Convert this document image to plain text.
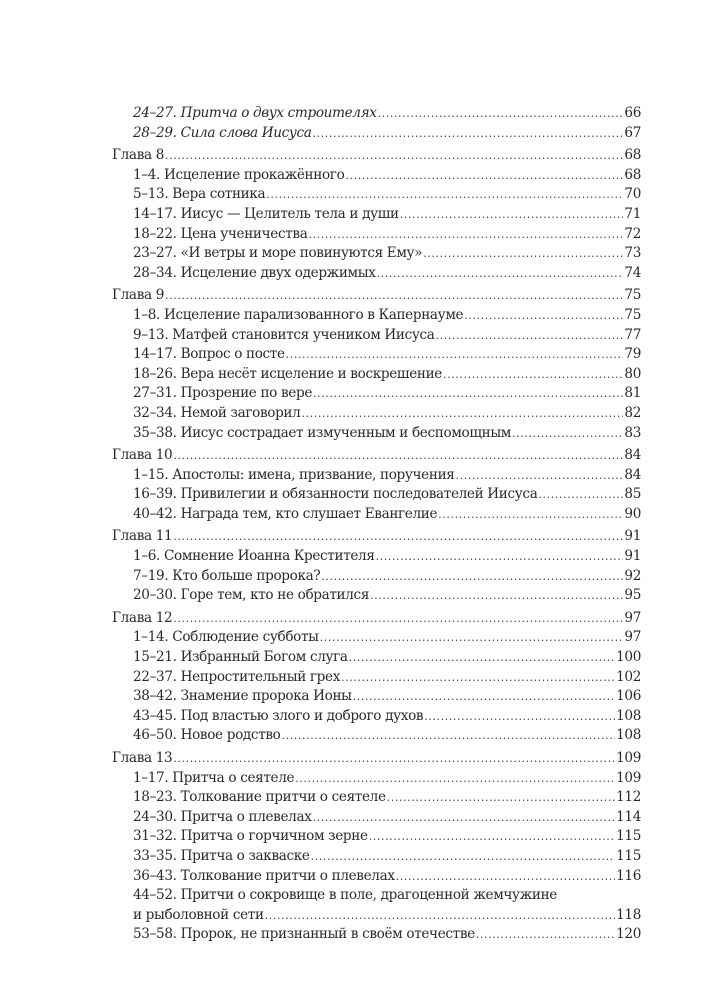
24–27. Притча о двух строителях .....	66
28–29. Сила слова Иисуса .....	67
Глава 8 .....	68
1–4. Исцеление прокажённого .....	68
5–13. Вера сотника .....	70
14–17. Иисус — Целитель тела и души .....	71
18–22. Цена ученичества .....	72
23–27. «И ветры и море повинуются Ему» .....	73
28–34. Исцеление двух одержимых .....	74
Глава 9 .....	75
1–8. Исцеление парализованного в Капернауме .....	75
9–13. Матфей становится учеником Иисуса .....	77
14–17. Вопрос о посте .....	79
18–26. Вера несёт исцеление и воскрешение .....	80
27–31. Прозрение по вере .....	81
32–34. Немой заговорил .....	82
35–38. Иисус сострадает измученным и беспомощным .....	83
Глава 10 .....	84
1–15. Апостолы: имена, призвание, поручения .....	84
16–39. Привилегии и обязанности последователей Иисуса .....	85
40–42. Награда тем, кто слушает Евангелие .....	90
Глава 11 .....	91
1–6. Сомнение Иоанна Крестителя .....	91
7–19. Кто больше пророка? .....	92
20–30. Горе тем, кто не обратился .....	95
Глава 12 .....	97
1–14. Соблюдение субботы .....	97
15–21. Избранный Богом слуга .....	100
22–37. Непростительный грех .....	102
38–42. Знамение пророка Ионы .....	106
43–45. Под властью злого и доброго духов .....	108
46–50. Новое родство .....	108
Глава 13 .....	109
1–17. Притча о сеятеле .....	109
18–23. Толкование притчи о сеятеле .....	112
24–30. Притча о плевелах .....	114
31–32. Притча о горчичном зерне .....	115
33–35. Притча о закваске .....	115
36–43. Толкование притчи о плевелах .....	116
44–52. Притчи о сокровище в поле, драгоценной жемчужине
и рыболовной сети .....	118
53–58. Пророк, не признанный в своём отечестве .....	120
